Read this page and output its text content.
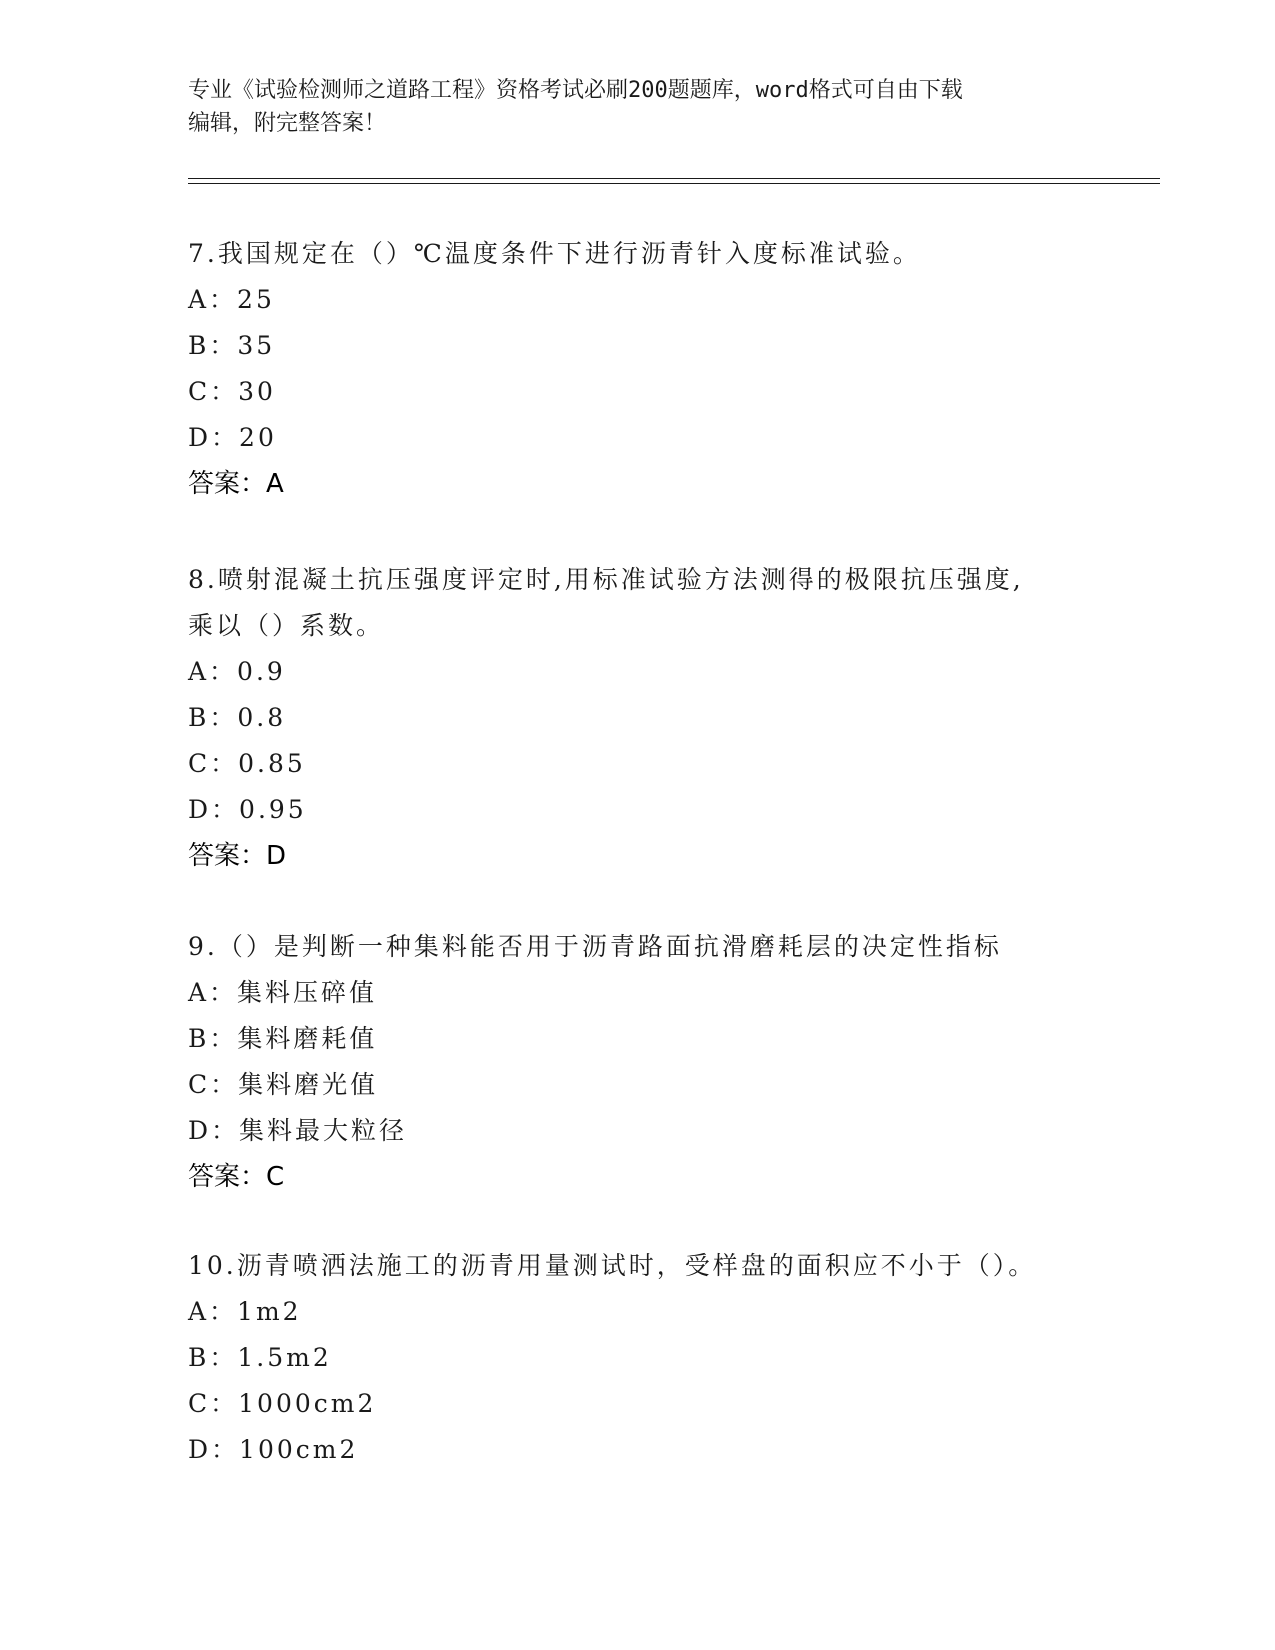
专业《试验检测师之道路工程》资格考试必刷200题题库，word格式可自由下载
编辑，附完整答案！

7.我国规定在（）℃温度条件下进行沥青针入度标准试验。

A：25

B：35

C：30

D：20

答案：A

8.喷射混凝土抗压强度评定时,用标准试验方法测得的极限抗压强度,

乘以（）系数。

A：0.9

B：0.8

C：0.85

D：0.95

答案：D

9.（）是判断一种集料能否用于沥青路面抗滑磨耗层的决定性指标

A：集料压碎值

B：集料磨耗值

C：集料磨光值

D：集料最大粒径

答案：C

10.沥青喷洒法施工的沥青用量测试时，受样盘的面积应不小于（）。

A：1m2

B：1.5m2

C：1000cm2

D：100cm2
